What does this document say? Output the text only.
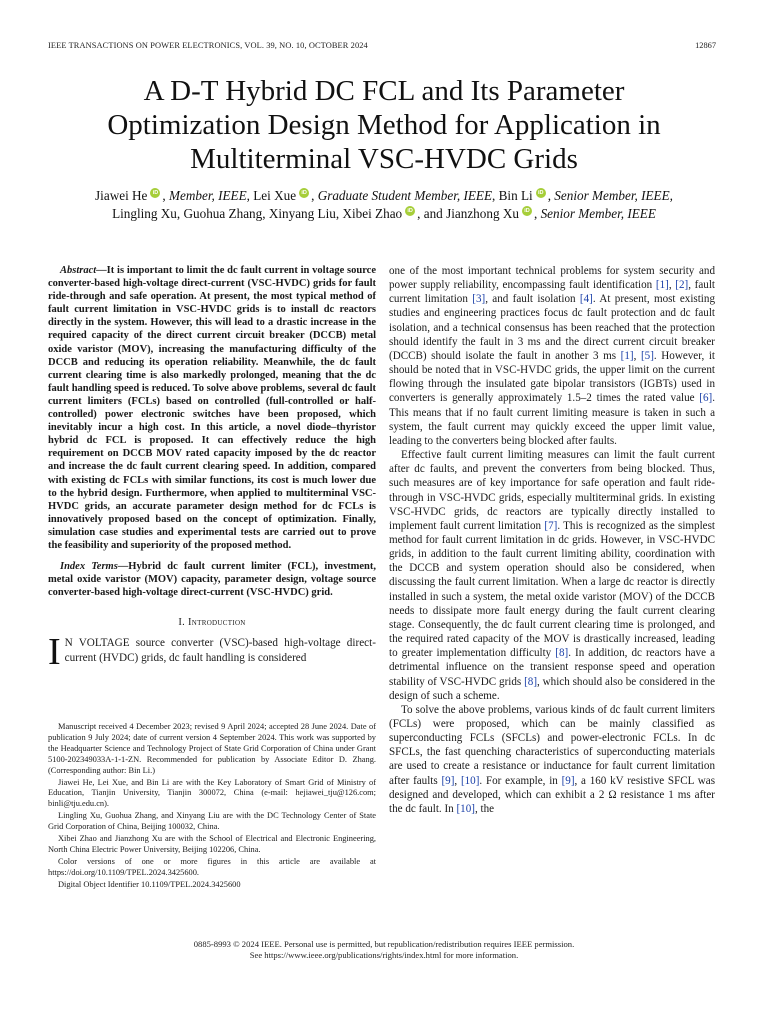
IEEE TRANSACTIONS ON POWER ELECTRONICS, VOL. 39, NO. 10, OCTOBER 2024	12867
A D-T Hybrid DC FCL and Its Parameter
Optimization Design Method for Application in
Multiterminal VSC-HVDC Grids
Jiawei He iD , Member, IEEE, Lei Xue iD , Graduate Student Member, IEEE, Bin Li iD , Senior Member, IEEE,
Lingling Xu, Guohua Zhang, Xinyang Liu, Xibei Zhao iD , and Jianzhong Xu iD , Senior Member, IEEE

Abstract—It is important to limit the dc fault current in voltage source converter-based high-voltage direct-current (VSC-HVDC) grids for fault ride-through and safe operation. At present, the most typical method of fault current limitation in VSC-HVDC grids is to install dc reactors directly in the system. However, this will lead to a drastic increase in the required capacity of the direct current circuit breaker (DCCB) metal oxide varistor (MOV), increasing the manufacturing difficulty of the DCCB and reducing its operation reliability. Meanwhile, the dc fault current clearing time is also markedly prolonged, meaning that the dc fault handling speed is reduced. To solve above problems, several dc fault current limiters (FCLs) based on controlled (full-controlled or half-controlled) power electronic switches have been proposed, which inevitably incur a high cost. In this article, a novel diode–thyristor hybrid dc FCL is proposed. It can effectively reduce the high requirement on DCCB MOV rated capacity imposed by the dc reactor and increase the dc fault current clearing speed. In addition, compared with existing dc FCLs with similar functions, its cost is much lower due to the hybrid design. Furthermore, when applied to multiterminal VSC-HVDC grids, an accurate parameter design method for dc FCLs is innovatively proposed based on the concept of optimization. Finally, simulation case studies and experimental tests are carried out to prove the feasibility and superiority of the proposed method.

Index Terms—Hybrid dc fault current limiter (FCL), investment, metal oxide varistor (MOV) capacity, parameter design, voltage source converter-based high-voltage direct-current (VSC-HVDC) grid.

I. Introduction

IN VOLTAGE source converter (VSC)-based high-voltage direct-current (HVDC) grids, dc fault handling is considered

Manuscript received 4 December 2023; revised 9 April 2024; accepted 28 June 2024. Date of publication 9 July 2024; date of current version 4 September 2024. This work was supported by the Headquarter Science and Technology Project of State Grid Corporation of China under Grant 5100-202349033A-1-1-ZN. Recommended for publication by Associate Editor D. Zhang. (Corresponding author: Bin Li.)

Jiawei He, Lei Xue, and Bin Li are with the Key Laboratory of Smart Grid of Ministry of Education, Tianjin University, Tianjin 300072, China (e-mail: hejiawei_tju@126.com; binli@tju.edu.cn).

Lingling Xu, Guohua Zhang, and Xinyang Liu are with the DC Technology Center of State Grid Corporation of China, Beijing 100032, China.

Xibei Zhao and Jianzhong Xu are with the School of Electrical and Electronic Engineering, North China Electric Power University, Beijing 102206, China.

Color versions of one or more figures in this article are available at https://doi.org/10.1109/TPEL.2024.3425600.

Digital Object Identifier 10.1109/TPEL.2024.3425600

one of the most important technical problems for system security and power supply reliability, encompassing fault identification [1], [2], fault current limitation [3], and fault isolation [4]. At present, most existing studies and engineering practices focus dc fault protection and dc fault isolation, and a technical consensus has been reached that the protection should identify the fault in 3 ms and the direct current circuit breaker (DCCB) should isolate the fault in another 3 ms [1], [5]. However, it should be noted that in VSC-HVDC grids, the upper limit on the current flowing through the insulated gate bipolar transistors (IGBTs) used in converters is generally approximately 1.5–2 times the rated value [6]. This means that if no fault current limiting measure is taken in such a system, the fault current may quickly exceed the upper limit value, leading to the converters being blocked after faults.

Effective fault current limiting measures can limit the fault current after dc faults, and prevent the converters from being blocked. Thus, such measures are of key importance for safe operation and fault ride-through in VSC-HVDC grids, especially multiterminal grids. In existing VSC-HVDC grids, dc reactors are typically directly installed to implement fault current limitation [7]. This is recognized as the simplest method for fault current limitation in dc grids. However, in VSC-HVDC grids, in addition to the fault current limiting ability, coordination with the DCCB and system operation should also be considered, when discussing the fault current limitation. When a large dc reactor is directly installed in such a system, the metal oxide varistor (MOV) of the DCCB needs to dissipate more fault energy during the fault current clearing stage. Consequently, the dc fault current clearing time is prolonged, and the required rated capacity of the MOV is drastically increased, leading to greater implementation difficulty [8]. In addition, dc reactors have a detrimental influence on the transient response speed and operation stability of VSC-HVDC grids [8], which should also be considered in the design of such a scheme.

To solve the above problems, various kinds of dc fault current limiters (FCLs) were proposed, which can be mainly classified as superconducting FCLs (SFCLs) and power-electronic FCLs. In dc SFCLs, the fast quenching characteristics of superconducting materials are used to create a resistance or inductance for fault current limitation after faults [9], [10]. For example, in [9], a 160 kV resistive SFCL was designed and developed, which can exhibit a 2 Ω resistance 1 ms after the dc fault. In [10], the

0885-8993 © 2024 IEEE. Personal use is permitted, but republication/redistribution requires IEEE permission.
See https://www.ieee.org/publications/rights/index.html for more information.
